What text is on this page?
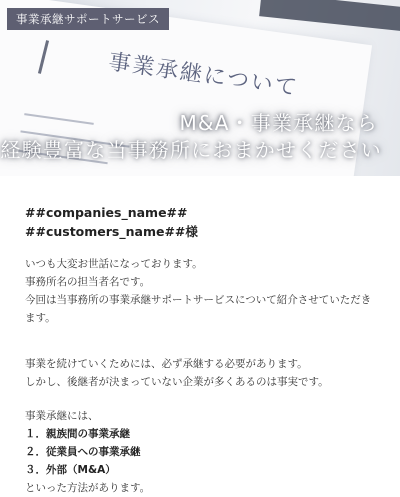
事業承継について
事業承継サポートサービス
M&A・事業承継なら
経験豊富な当事務所におまかせください

##companies_name##

##customers_name##様

いつも大変お世話になっております。

事務所名の担当者名です。

今回は当事務所の事業承継サポートサービスについて紹介させていただきます。

事業を続けていくためには、必ず承継する必要があります。

しかし、後継者が決まっていない企業が多くあるのは事実です。

事業承継には、

１．親族間の事業承継

２．従業員への事業承継

３．外部（M&A）

といった方法があります。
